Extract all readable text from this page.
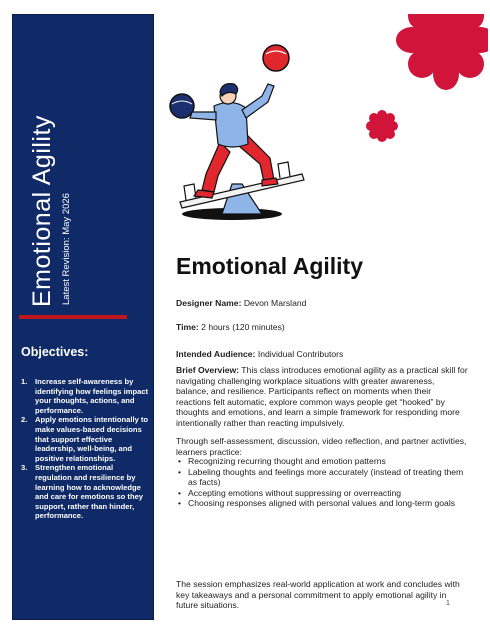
Emotional Agility Latest Revision: May 2026
Objectives:
1.	Increase self-awareness by identifying how feelings impact your thoughts, actions, and performance.
2.	Apply emotions intentionally to make values-based decisions that support effective leadership, well-being, and positive relationships.
3.	Strengthen emotional regulation and resilience by learning how to acknowledge and care for emotions so they support, rather than hinder, performance.
Emotional Agility
Designer Name: Devon Marsland
Time: 2 hours (120 minutes)
Intended Audience: Individual Contributors
Brief Overview: This class introduces emotional agility as a practical skill for navigating challenging workplace situations with greater awareness, balance, and resilience. Participants reflect on moments when their reactions felt automatic, explore common ways people get “hooked” by thoughts and emotions, and learn a simple framework for responding more intentionally rather than reacting impulsively.
Through self-assessment, discussion, video reflection, and partner activities, learners practice:
• Recognizing recurring thought and emotion patterns
• Labeling thoughts and feelings more accurately (instead of treating them as facts)
• Accepting emotions without suppressing or overreacting
• Choosing responses aligned with personal values and long-term goals
The session emphasizes real-world application at work and concludes with key takeaways and a personal commitment to apply emotional agility in future situations.	1
